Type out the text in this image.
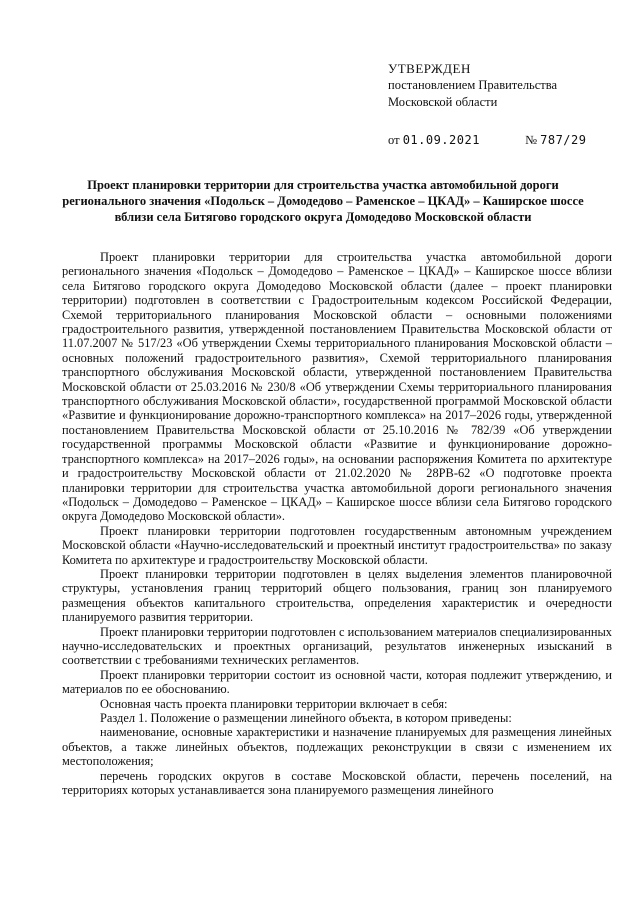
УТВЕРЖДЕН
постановлением Правительства
Московской области
от 01.09.2021	№ 787/29
Проект планировки территории для строительства участка автомобильной дороги регионального значения «Подольск – Домодедово – Раменское – ЦКАД» – Каширское шоссе вблизи села Битягово городского округа Домодедово Московской области

Проект планировки территории для строительства участка автомобильной дороги регионального значения «Подольск – Домодедово – Раменское – ЦКАД» – Каширское шоссе вблизи села Битягово городского округа Домодедово Московской области (далее – проект планировки территории) подготовлен в соответствии с Градостроительным кодексом Российской Федерации, Схемой территориального планирования Московской области – основными положениями градостроительного развития, утвержденной постановлением Правительства Московской области от 11.07.2007 № 517/23 «Об утверждении Схемы территориального планирования Московской области – основных положений градостроительного развития», Схемой территориального планирования транспортного обслуживания Московской области, утвержденной постановлением Правительства Московской области от 25.03.2016 № 230/8 «Об утверждении Схемы территориального планирования транспортного обслуживания Московской области», государственной программой Московской области «Развитие и функционирование дорожно-транспортного комплекса» на 2017–2026 годы, утвержденной постановлением Правительства Московской области от 25.10.2016 № 782/39 «Об утверждении государственной программы Московской области «Развитие и функционирование дорожно-транспортного комплекса» на 2017–2026 годы», на основании распоряжения Комитета по архитектуре и градостроительству Московской области от 21.02.2020 № 28РВ-62 «О подготовке проекта планировки территории для строительства участка автомобильной дороги регионального значения «Подольск – Домодедово – Раменское – ЦКАД» – Каширское шоссе вблизи села Битягово городского округа Домодедово Московской области».

Проект планировки территории подготовлен государственным автономным учреждением Московской области «Научно-исследовательский и проектный институт градостроительства» по заказу Комитета по архитектуре и градостроительству Московской области.

Проект планировки территории подготовлен в целях выделения элементов планировочной структуры, установления границ территорий общего пользования, границ зон планируемого размещения объектов капитального строительства, определения характеристик и очередности планируемого развития территории.

Проект планировки территории подготовлен с использованием материалов специализированных научно-исследовательских и проектных организаций, результатов инженерных изысканий в соответствии с требованиями технических регламентов.

Проект планировки территории состоит из основной части, которая подлежит утверждению, и материалов по ее обоснованию.

Основная часть проекта планировки территории включает в себя:

Раздел 1. Положение о размещении линейного объекта, в котором приведены:

наименование, основные характеристики и назначение планируемых для размещения линейных объектов, а также линейных объектов, подлежащих реконструкции в связи с изменением их местоположения;

перечень городских округов в составе Московской области, перечень поселений, на территориях которых устанавливается зона планируемого размещения линейного
